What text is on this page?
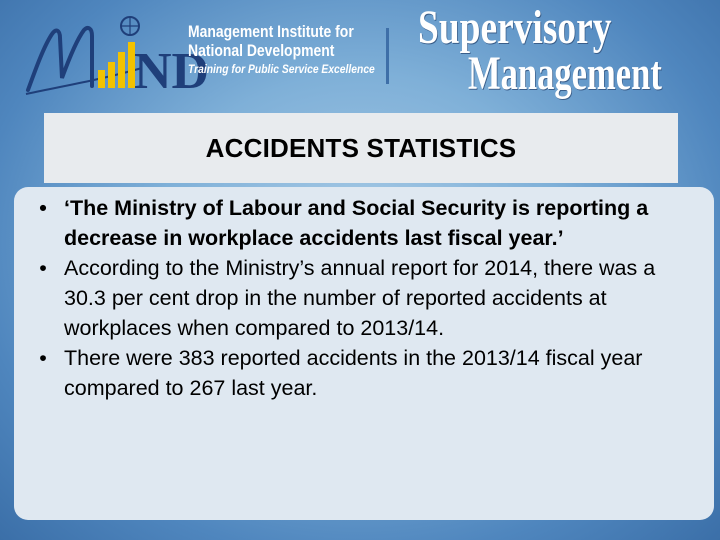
ND
Management Institute for
National Development
Training for Public Service Excellence
Supervisory
Management
ACCIDENTS STATISTICS
• ‘The Ministry of Labour and Social Security is reporting a decrease in workplace accidents last fiscal year.’
• According to the Ministry’s annual report for 2014, there was a 30.3 per cent drop in the number of reported accidents at workplaces when compared to 2013/14.
• There were 383 reported accidents in the 2013/14 fiscal year compared to 267 last year.
